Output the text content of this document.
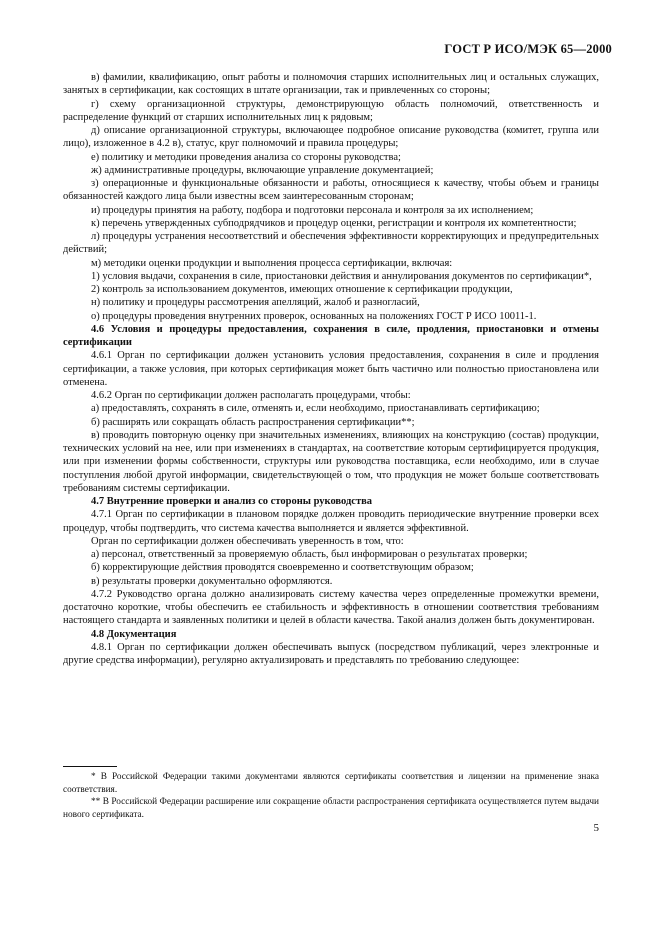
ГОСТ Р ИСО/МЭК 65—2000

в) фамилии, квалификацию, опыт работы и полномочия старших исполнительных лиц и остальных служащих, занятых в сертификации, как состоящих в штате организации, так и привлеченных со стороны;

г) схему организационной структуры, демонстрирующую область полномочий, ответственность и распределение функций от старших исполнительных лиц к рядовым;

д) описание организационной структуры, включающее подробное описание руководства (комитет, группа или лицо), изложенное в 4.2 в), статус, круг полномочий и правила процедуры;

е) политику и методики проведения анализа со стороны руководства;

ж) административные процедуры, включающие управление документацией;

з) операционные и функциональные обязанности и работы, относящиеся к качеству, чтобы объем и границы обязанностей каждого лица были известны всем заинтересованным сторонам;

и) процедуры принятия на работу, подбора и подготовки персонала и контроля за их исполнением;

к) перечень утвержденных субподрядчиков и процедур оценки, регистрации и контроля их компетентности;

л) процедуры устранения несоответствий и обеспечения эффективности корректирующих и предупредительных действий;

м) методики оценки продукции и выполнения процесса сертификации, включая:

1) условия выдачи, сохранения в силе, приостановки действия и аннулирования документов по сертификации*,

2) контроль за использованием документов, имеющих отношение к сертификации продукции,

н) политику и процедуры рассмотрения апелляций, жалоб и разногласий,

о) процедуры проведения внутренних проверок, основанных на положениях ГОСТ Р ИСО 10011-1.

4.6 Условия и процедуры предоставления, сохранения в силе, продления, приостановки и отмены сертификации

4.6.1 Орган по сертификации должен установить условия предоставления, сохранения в силе и продления сертификации, а также условия, при которых сертификация может быть частично или полностью приостановлена или отменена.

4.6.2 Орган по сертификации должен располагать процедурами, чтобы:

а) предоставлять, сохранять в силе, отменять и, если необходимо, приостанавливать сертификацию;

б) расширять или сокращать область распространения сертификации**;

в) проводить повторную оценку при значительных изменениях, влияющих на конструкцию (состав) продукции, технических условий на нее, или при изменениях в стандартах, на соответствие которым сертифицируется продукция, или при изменении формы собственности, структуры или руководства поставщика, если необходимо, или в случае поступления любой другой информации, свидетельствующей о том, что продукция не может больше соответствовать требованиям системы сертификации.

4.7 Внутренние проверки и анализ со стороны руководства

4.7.1 Орган по сертификации в плановом порядке должен проводить периодические внутренние проверки всех процедур, чтобы подтвердить, что система качества выполняется и является эффективной.

Орган по сертификации должен обеспечивать уверенность в том, что:

а) персонал, ответственный за проверяемую область, был информирован о результатах проверки;

б) корректирующие действия проводятся своевременно и соответствующим образом;

в) результаты проверки документально оформляются.

4.7.2 Руководство органа должно анализировать систему качества через определенные промежутки времени, достаточно короткие, чтобы обеспечить ее стабильность и эффективность в отношении соответствия требованиям настоящего стандарта и заявленных политики и целей в области качества. Такой анализ должен быть документирован.

4.8 Документация

4.8.1 Орган по сертификации должен обеспечивать выпуск (посредством публикаций, через электронные и другие средства информации), регулярно актуализировать и представлять по требованию следующее:

* В Российской Федерации такими документами являются сертификаты соответствия и лицензии на применение знака соответствия.

** В Российской Федерации расширение или сокращение области распространения сертификата осуществляется путем выдачи нового сертификата.

5
